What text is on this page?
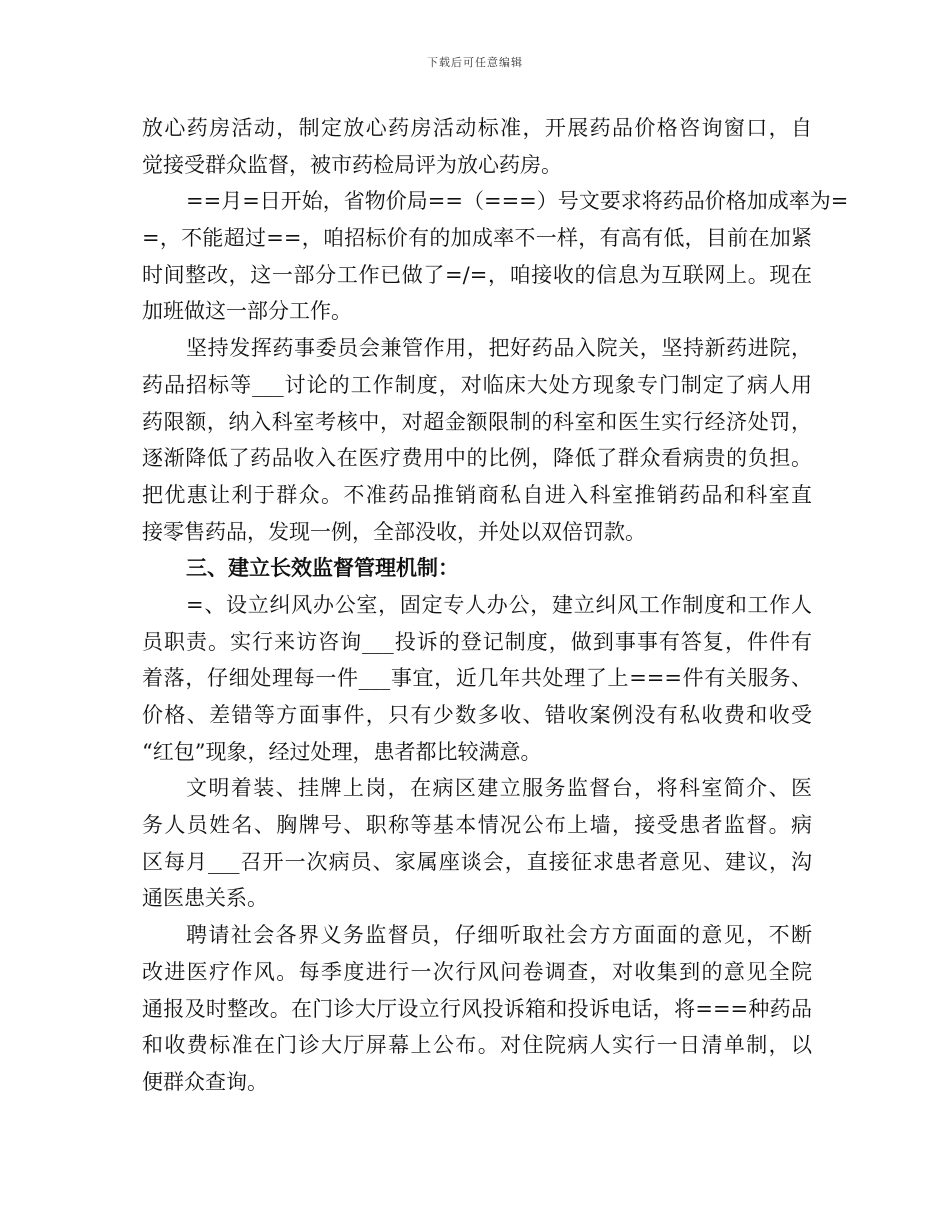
下载后可任意编辑
放心药房活动，制定放心药房活动标准，开展药品价格咨询窗口，自
觉接受群众监督，被市药检局评为放心药房。
==月=日开始，省物价局==（===）号文要求将药品价格加成率为=
=，不能超过==，咱招标价有的加成率不一样，有高有低，目前在加紧
时间整改，这一部分工作已做了=/=，咱接收的信息为互联网上。现在
加班做这一部分工作。
坚持发挥药事委员会兼管作用，把好药品入院关，坚持新药进院，
药品招标等___讨论的工作制度，对临床大处方现象专门制定了病人用
药限额，纳入科室考核中，对超金额限制的科室和医生实行经济处罚，
逐渐降低了药品收入在医疗费用中的比例，降低了群众看病贵的负担。
把优惠让利于群众。不准药品推销商私自进入科室推销药品和科室直
接零售药品，发现一例，全部没收，并处以双倍罚款。
三、建立长效监督管理机制：
=、设立纠风办公室，固定专人办公，建立纠风工作制度和工作人
员职责。实行来访咨询___投诉的登记制度，做到事事有答复，件件有
着落，仔细处理每一件___事宜，近几年共处理了上===件有关服务、
价格、差错等方面事件，只有少数多收、错收案例没有私收费和收受
“红包”现象，经过处理，患者都比较满意。
文明着装、挂牌上岗，在病区建立服务监督台，将科室简介、医
务人员姓名、胸牌号、职称等基本情况公布上墙，接受患者监督。病
区每月___召开一次病员、家属座谈会，直接征求患者意见、建议，沟
通医患关系。
聘请社会各界义务监督员，仔细听取社会方方面面的意见，不断
改进医疗作风。每季度进行一次行风问卷调查，对收集到的意见全院
通报及时整改。在门诊大厅设立行风投诉箱和投诉电话，将===种药品
和收费标准在门诊大厅屏幕上公布。对住院病人实行一日清单制，以
便群众查询。
